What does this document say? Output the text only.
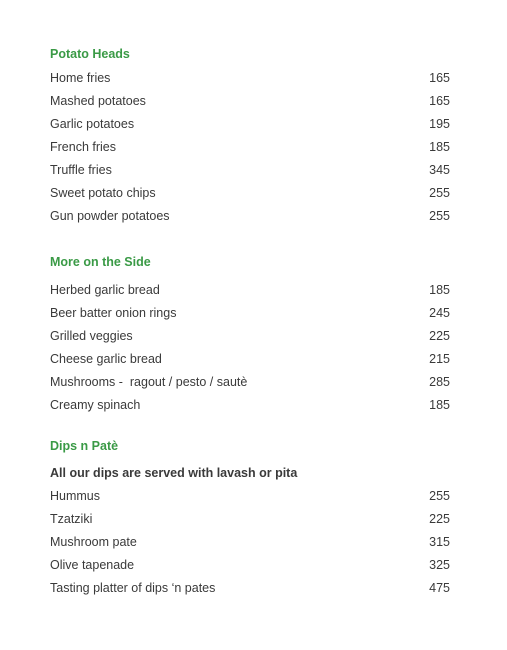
Potato Heads
Home fries	165
Mashed potatoes	165
Garlic potatoes	195
French fries	185
Truffle fries	345
Sweet potato chips	255
Gun powder potatoes	255
More on the Side
Herbed garlic bread	185
Beer batter onion rings	245
Grilled veggies	225
Cheese garlic bread	215
Mushrooms -  ragout / pesto / sautè	285
Creamy spinach	185
Dips n Patè
All our dips are served with lavash or pita
Hummus	255
Tzatziki	225
Mushroom pate	315
Olive tapenade	325
Tasting platter of dips ‘n pates	475
